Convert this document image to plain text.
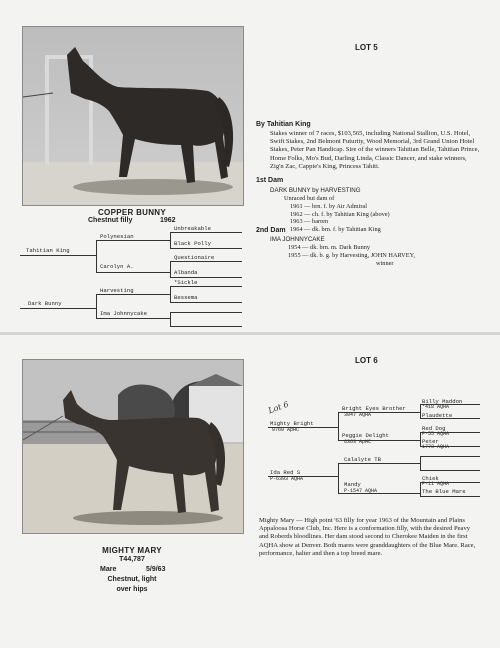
COPPER BUNNY
Chestnut filly	1962
Tahitian King
Polynesian
Carolyn A.
Unbreakable
Black Polly
Questionaire
Albanda
Dark Bunny
Harvesting
Ima Johnnycake
*Sickle
Bessema
LOT 5
By Tahitian King
Stakes winner of 7 races, $103,565, including National Stallion, U.S. Hotel, Swift Stakes, 2nd Belmont Futurity, Wood Memorial, 3rd Grand Union Hotel Stakes, Peter Pan Handicap. Sire of the winners Tahitian Belle, Tahitian Prince, Home Folks, Mo's Bud, Darling Linda, Classic Dancer, and stake winners, Zig'n Zac, Cappie's King, Princess Tahiti.
1st Dam
DARK BUNNY by HARVESTING
Unraced but dam of
1961 — brn. f. by Air Admiral
1962 — ch. f. by Tahitian King (above)
1963 — barren
1964 — dk. brn. f. by Tahitian King
2nd Dam
IMA JOHNNYCAKE
1954 — dk. brn. m. Dark Bunny
1955 — dk. b. g. by Harvesting, JOHN HARVEY,
winner
MIGHTY MARY
T44,787
Mare	5/9/63
Chestnut, light
over hips
LOT 6
Lot 6
Mighty Bright
9760 ApHC
Bright Eyes Brother
3047 AQHA
Peggie Delight
6363 ApHC
Billy Maddon
*418 AQHA
Plaudette
Red Dog
P-55 AQHA
Peter
1773 AQHA
Ida Red S
P-6393 AQHA
Calalyte TB
Mandy
P-1547 AQHA
Chiek
P-11 AQHA
The Blue Mare
Mighty Mary — High point '63 filly for year 1963 of the Mountain and Plains Appaloosa Horse Club, Inc. Here is a conformation filly, with the desired Peavy and Roberds bloodlines. Her dam stood second to Cherokee Maiden in the first AQHA show at Denver. Both mares were granddaughters of the Blue Mare. Race, performance, halter and then a top breed mare.
